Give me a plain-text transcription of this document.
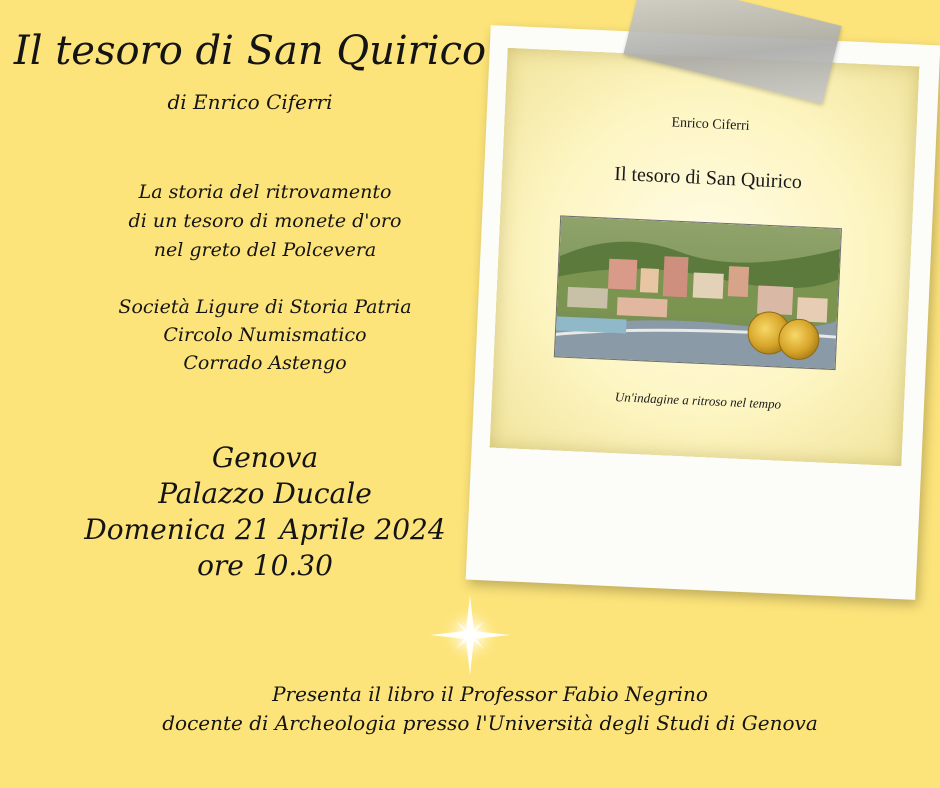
Il tesoro di San Quirico
di Enrico Ciferri
La storia del ritrovamento
di un tesoro di monete d'oro
nel greto del Polcevera
Società Ligure di Storia Patria
Circolo Numismatico
Corrado Astengo
Genova
Palazzo Ducale
Domenica 21 Aprile 2024
ore 10.30
Enrico Ciferri
Il tesoro di San Quirico
Un'indagine a ritroso nel tempo
Presenta il libro il Professor Fabio Negrino
docente di Archeologia presso l'Università degli Studi di Genova
